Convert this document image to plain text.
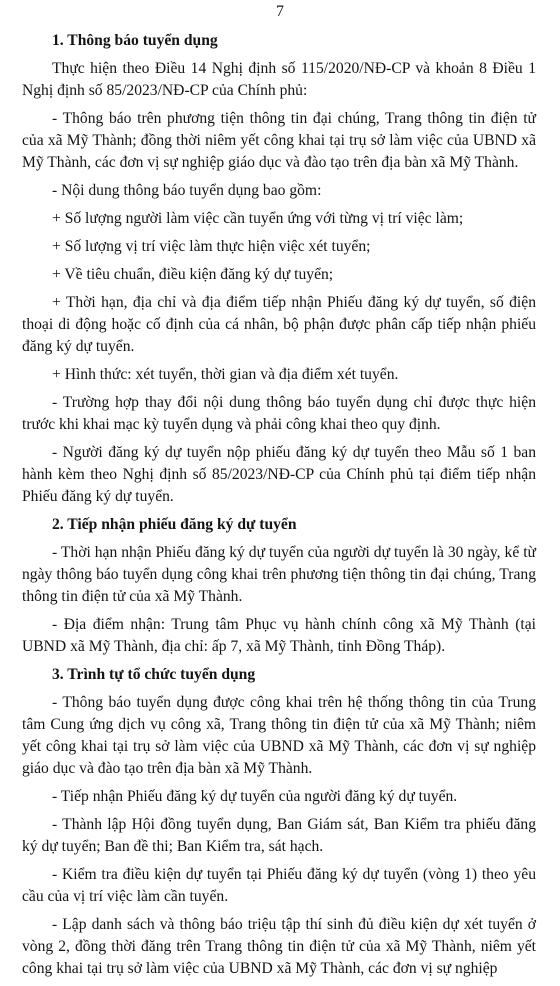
7

1. Thông báo tuyển dụng

Thực hiện theo Điều 14 Nghị định số 115/2020/NĐ-CP và khoản 8 Điều 1 Nghị định số 85/2023/NĐ-CP của Chính phủ:

- Thông báo trên phương tiện thông tin đại chúng, Trang thông tin điện tử của xã Mỹ Thành; đồng thời niêm yết công khai tại trụ sở làm việc của UBND xã Mỹ Thành, các đơn vị sự nghiệp giáo dục và đào tạo trên địa bàn xã Mỹ Thành.

- Nội dung thông báo tuyển dụng bao gồm:

+ Số lượng người làm việc cần tuyển ứng với từng vị trí việc làm;

+ Số lượng vị trí việc làm thực hiện việc xét tuyển;

+ Về tiêu chuẩn, điều kiện đăng ký dự tuyển;

+ Thời hạn, địa chỉ và địa điểm tiếp nhận Phiếu đăng ký dự tuyển, số điện thoại di động hoặc cố định của cá nhân, bộ phận được phân cấp tiếp nhận phiếu đăng ký dự tuyển.

+ Hình thức: xét tuyển, thời gian và địa điểm xét tuyển.

- Trường hợp thay đổi nội dung thông báo tuyển dụng chỉ được thực hiện trước khi khai mạc kỳ tuyển dụng và phải công khai theo quy định.

- Người đăng ký dự tuyển nộp phiếu đăng ký dự tuyển theo Mẫu số 1 ban hành kèm theo Nghị định số 85/2023/NĐ-CP của Chính phủ tại điểm tiếp nhận Phiếu đăng ký dự tuyển.

2. Tiếp nhận phiếu đăng ký dự tuyển

- Thời hạn nhận Phiếu đăng ký dự tuyển của người dự tuyển là 30 ngày, kể từ ngày thông báo tuyển dụng công khai trên phương tiện thông tin đại chúng, Trang thông tin điện tử của xã Mỹ Thành.

- Địa điểm nhận: Trung tâm Phục vụ hành chính công xã Mỹ Thành (tại UBND xã Mỹ Thành, địa chỉ: ấp 7, xã Mỹ Thành, tỉnh Đồng Tháp).

3. Trình tự tổ chức tuyển dụng

- Thông báo tuyển dụng được công khai trên hệ thống thông tin của Trung tâm Cung ứng dịch vụ công xã, Trang thông tin điện tử của xã Mỹ Thành; niêm yết công khai tại trụ sở làm việc của UBND xã Mỹ Thành, các đơn vị sự nghiệp giáo dục và đào tạo trên địa bàn xã Mỹ Thành.

- Tiếp nhận Phiếu đăng ký dự tuyển của người đăng ký dự tuyển.

- Thành lập Hội đồng tuyển dụng, Ban Giám sát, Ban Kiểm tra phiếu đăng ký dự tuyển; Ban đề thi; Ban Kiểm tra, sát hạch.

- Kiểm tra điều kiện dự tuyển tại Phiếu đăng ký dự tuyển (vòng 1) theo yêu cầu của vị trí việc làm cần tuyển.

- Lập danh sách và thông báo triệu tập thí sinh đủ điều kiện dự xét tuyển ở vòng 2, đồng thời đăng trên Trang thông tin điện tử của xã Mỹ Thành, niêm yết công khai tại trụ sở làm việc của UBND xã Mỹ Thành, các đơn vị sự nghiệp
